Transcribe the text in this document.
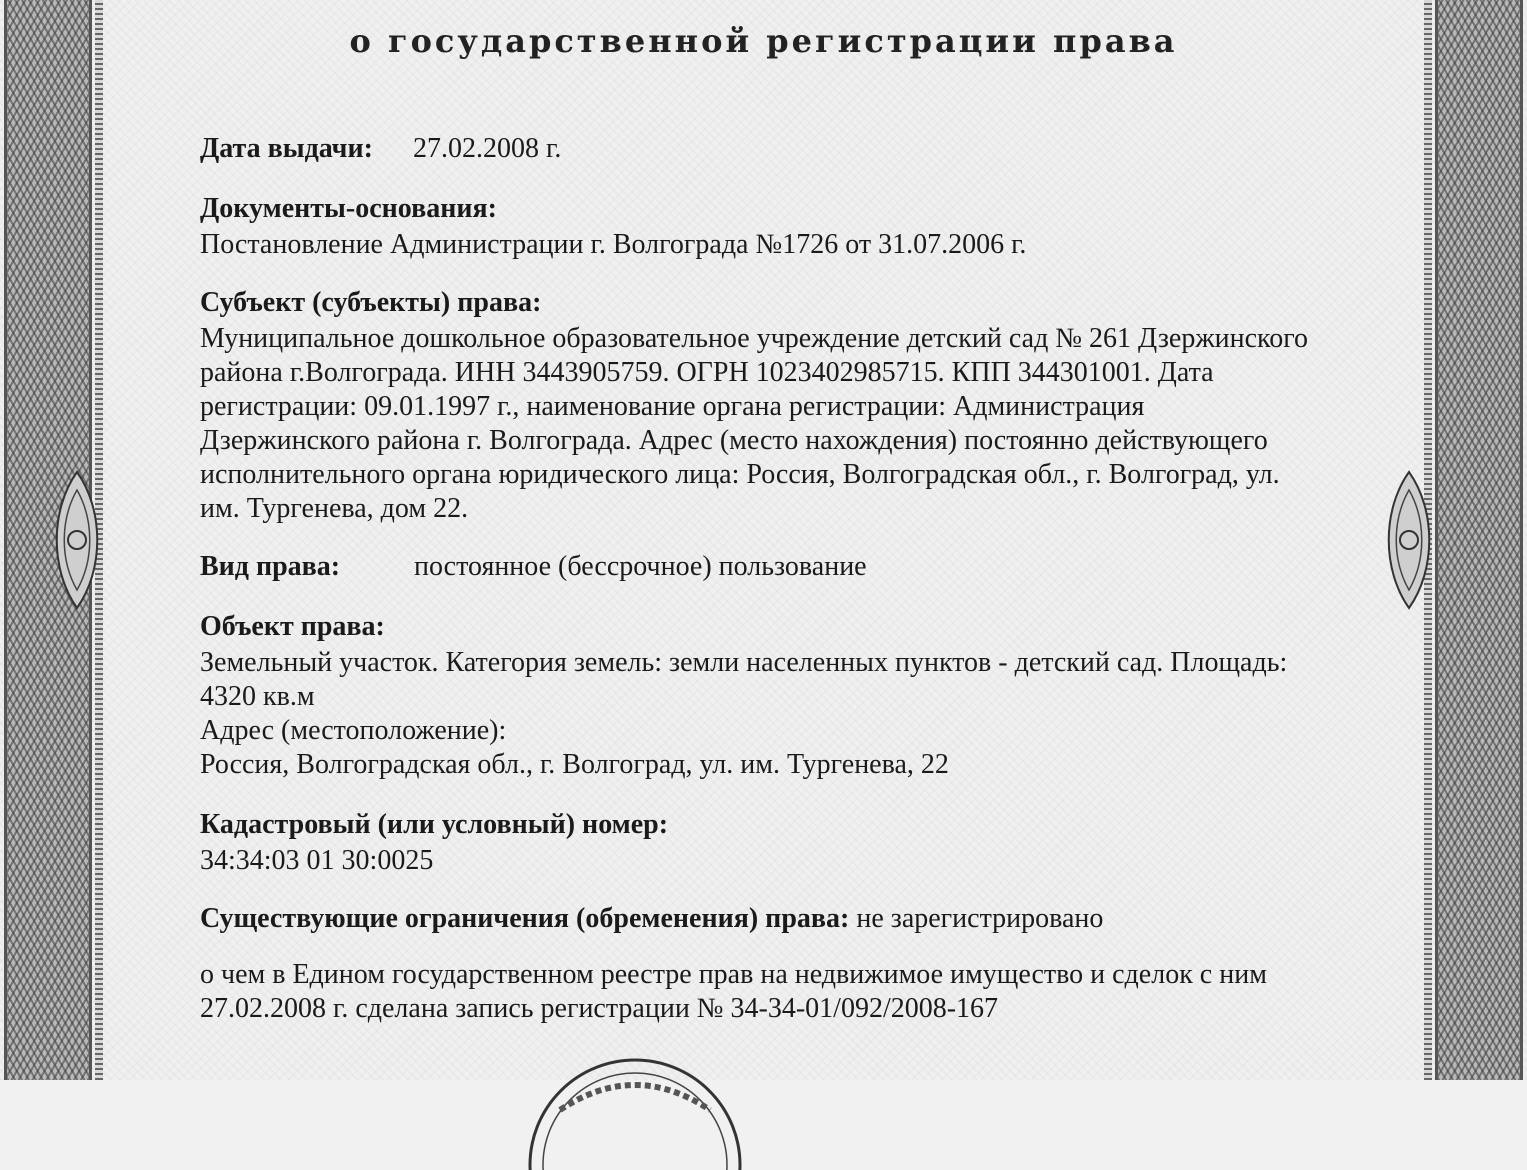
о государственной регистрации права
Дата выдачи: 27.02.2008 г.
Документы-основания:
Постановление Администрации г. Волгограда №1726 от 31.07.2006 г.
Субъект (субъекты) права:
Муниципальное дошкольное образовательное учреждение детский сад № 261 Дзержинского
района г.Волгограда. ИНН 3443905759. ОГРН 1023402985715. КПП 344301001. Дата
регистрации: 09.01.1997 г., наименование органа регистрации: Администрация
Дзержинского района г. Волгограда. Адрес (место нахождения) постоянно действующего
исполнительного органа юридического лица: Россия, Волгоградская обл., г. Волгоград, ул.
им. Тургенева, дом 22.
Вид права:	постоянное (бессрочное) пользование
Объект права:
Земельный участок. Категория земель: земли населенных пунктов - детский сад. Площадь:
4320 кв.м
Адрес (местоположение):
Россия, Волгоградская обл., г. Волгоград, ул. им. Тургенева, 22
Кадастровый (или условный) номер:
34:34:03 01 30:0025
Существующие ограничения (обременения) права: не зарегистрировано
о чем в Едином государственном реестре прав на недвижимое имущество и сделок с ним
27.02.2008 г. сделана запись регистрации № 34-34-01/092/2008-167
